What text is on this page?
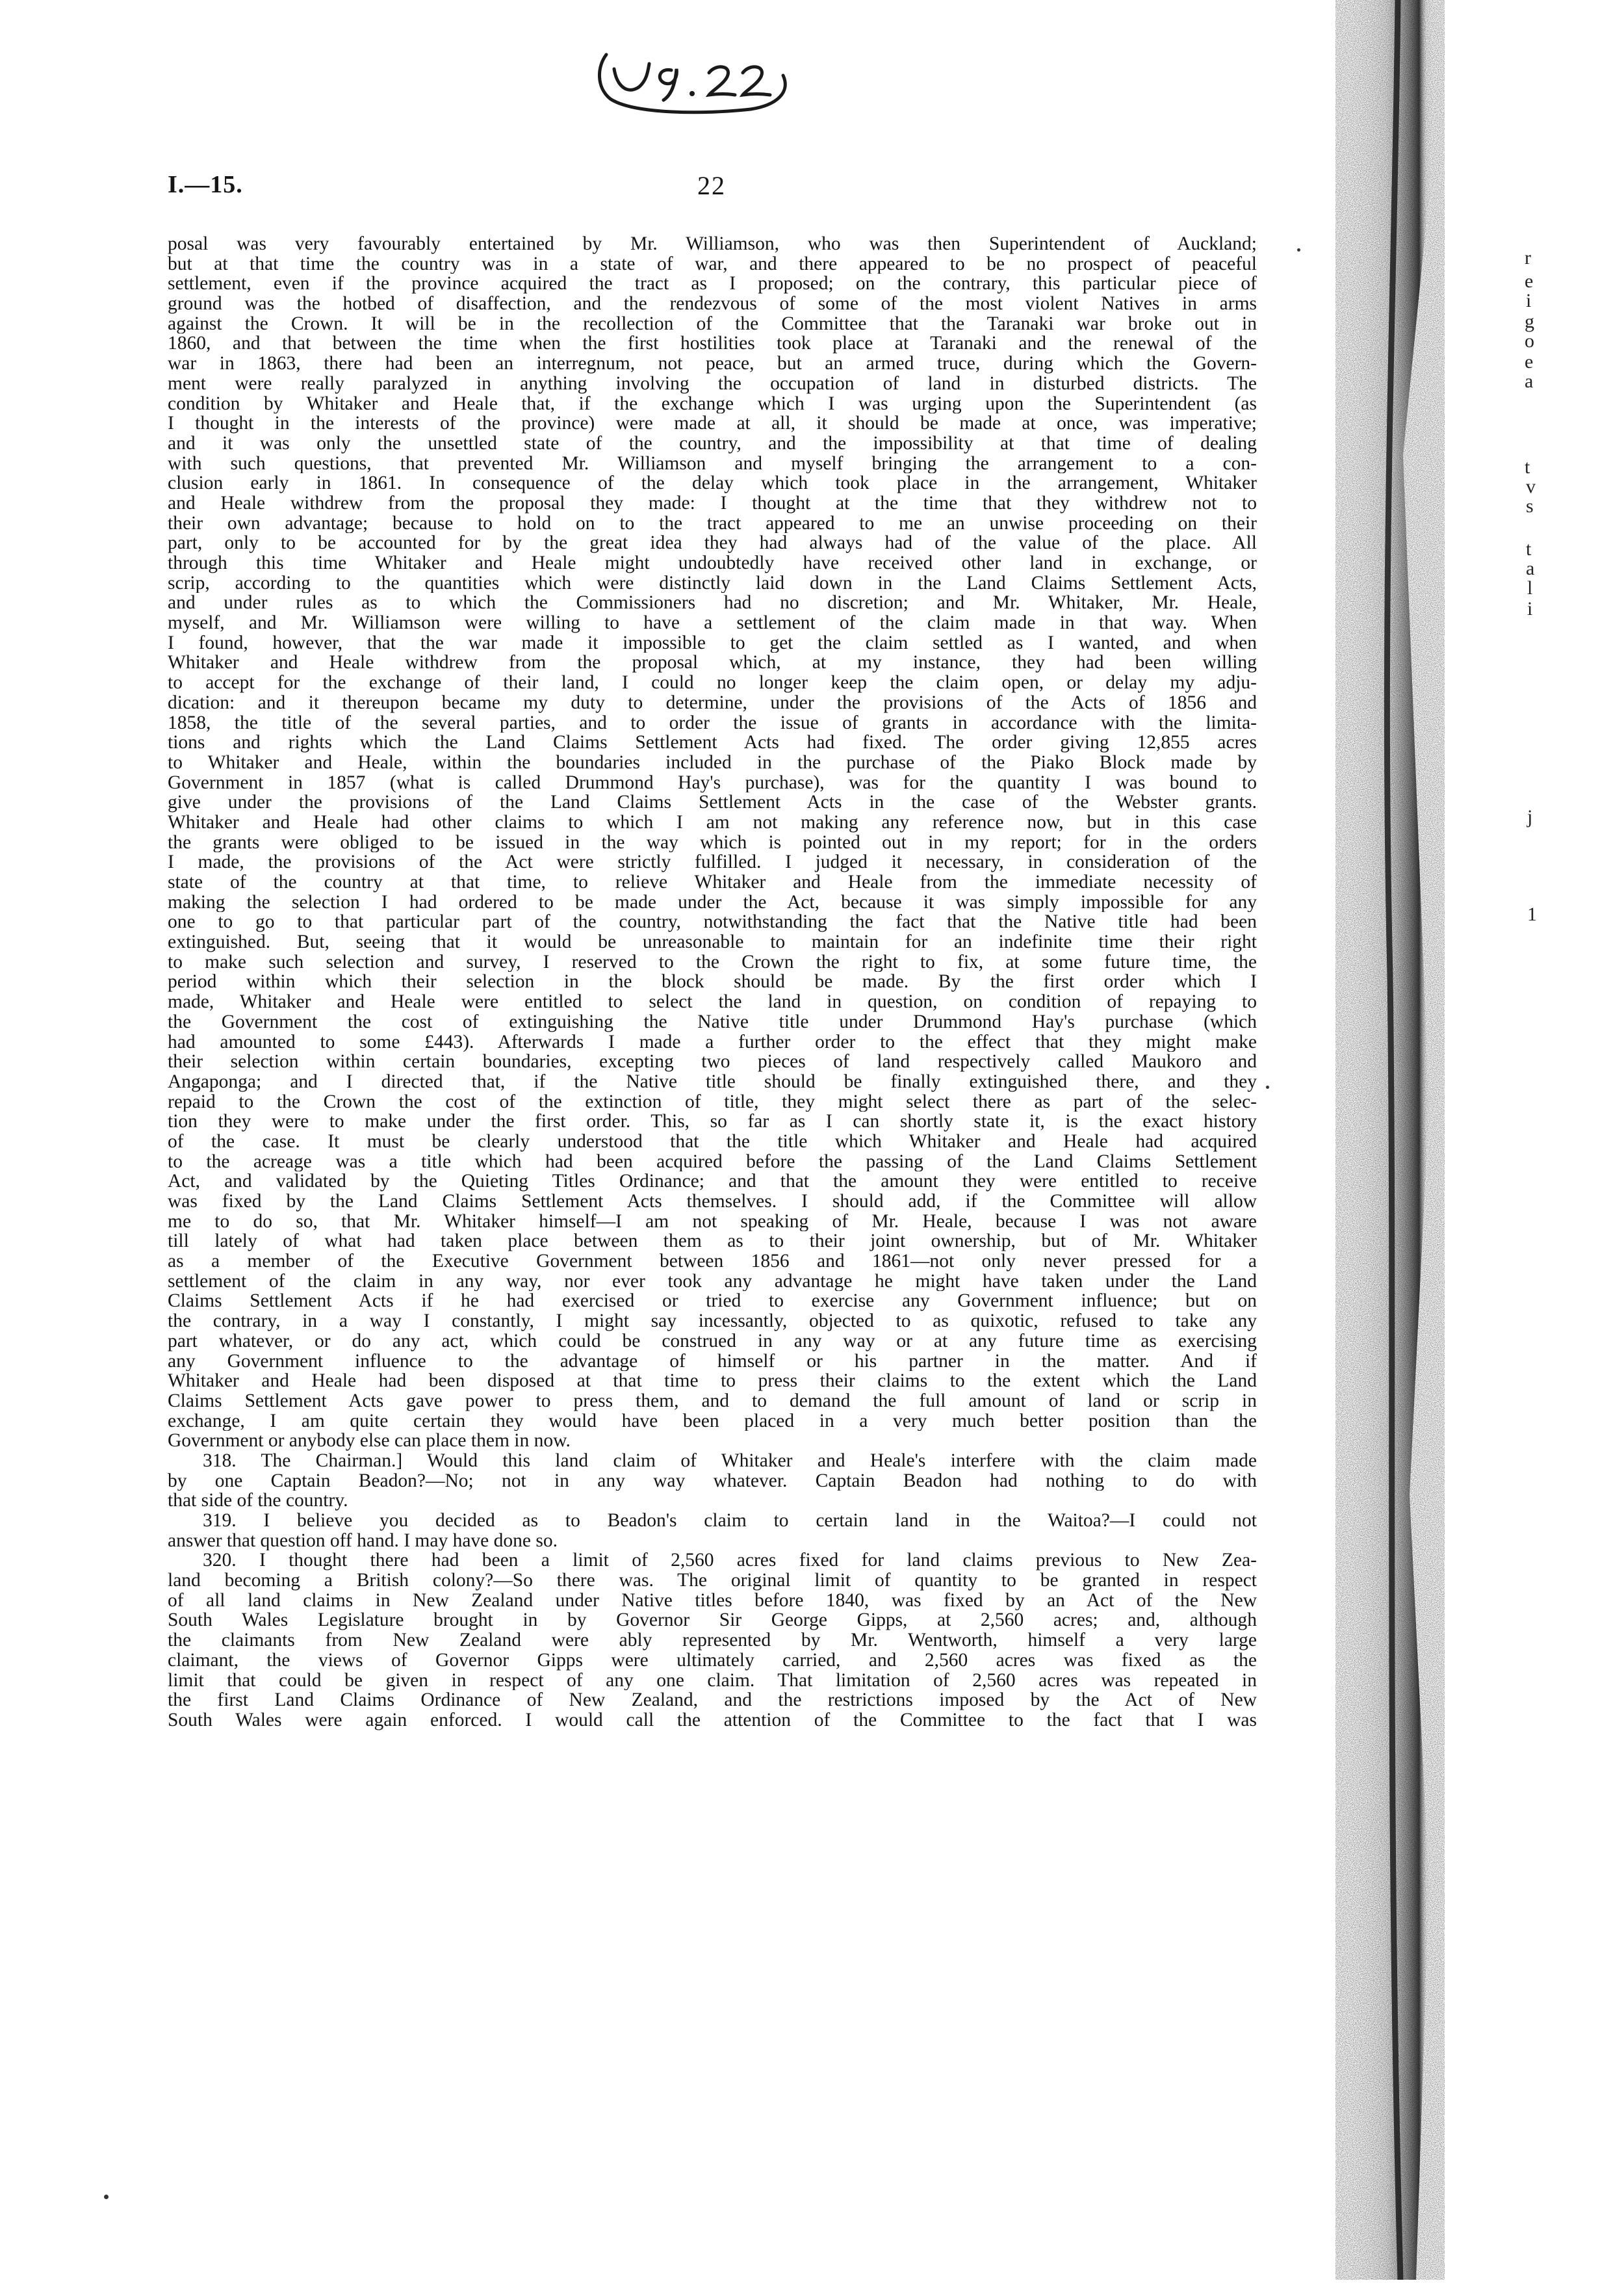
I.—15.	22
posal was very favourably entertained by Mr. Williamson, who was then Superintendent of Auckland;
but at that time the country was in a state of war, and there appeared to be no prospect of peaceful
settlement, even if the province acquired the tract as I proposed; on the contrary, this particular piece of
ground was the hotbed of disaffection, and the rendezvous of some of the most violent Natives in arms
against the Crown. It will be in the recollection of the Committee that the Taranaki war broke out in
1860, and that between the time when the first hostilities took place at Taranaki and the renewal of the
war in 1863, there had been an interregnum, not peace, but an armed truce, during which the Govern-
ment were really paralyzed in anything involving the occupation of land in disturbed districts. The
condition by Whitaker and Heale that, if the exchange which I was urging upon the Superintendent (as
I thought in the interests of the province) were made at all, it should be made at once, was imperative;
and it was only the unsettled state of the country, and the impossibility at that time of dealing
with such questions, that prevented Mr. Williamson and myself bringing the arrangement to a con-
clusion early in 1861. In consequence of the delay which took place in the arrangement, Whitaker
and Heale withdrew from the proposal they made: I thought at the time that they withdrew not to
their own advantage; because to hold on to the tract appeared to me an unwise proceeding on their
part, only to be accounted for by the great idea they had always had of the value of the place. All
through this time Whitaker and Heale might undoubtedly have received other land in exchange, or
scrip, according to the quantities which were distinctly laid down in the Land Claims Settlement Acts,
and under rules as to which the Commissioners had no discretion; and Mr. Whitaker, Mr. Heale,
myself, and Mr. Williamson were willing to have a settlement of the claim made in that way. When
I found, however, that the war made it impossible to get the claim settled as I wanted, and when
Whitaker and Heale withdrew from the proposal which, at my instance, they had been willing
to accept for the exchange of their land, I could no longer keep the claim open, or delay my adju-
dication: and it thereupon became my duty to determine, under the provisions of the Acts of 1856 and
1858, the title of the several parties, and to order the issue of grants in accordance with the limita-
tions and rights which the Land Claims Settlement Acts had fixed. The order giving 12,855 acres
to Whitaker and Heale, within the boundaries included in the purchase of the Piako Block made by
Government in 1857 (what is called Drummond Hay's purchase), was for the quantity I was bound to
give under the provisions of the Land Claims Settlement Acts in the case of the Webster grants.
Whitaker and Heale had other claims to which I am not making any reference now, but in this case
the grants were obliged to be issued in the way which is pointed out in my report; for in the orders
I made, the provisions of the Act were strictly fulfilled. I judged it necessary, in consideration of the
state of the country at that time, to relieve Whitaker and Heale from the immediate necessity of
making the selection I had ordered to be made under the Act, because it was simply impossible for any
one to go to that particular part of the country, notwithstanding the fact that the Native title had been
extinguished. But, seeing that it would be unreasonable to maintain for an indefinite time their right
to make such selection and survey, I reserved to the Crown the right to fix, at some future time, the
period within which their selection in the block should be made. By the first order which I
made, Whitaker and Heale were entitled to select the land in question, on condition of repaying to
the Government the cost of extinguishing the Native title under Drummond Hay's purchase (which
had amounted to some £443). Afterwards I made a further order to the effect that they might make
their selection within certain boundaries, excepting two pieces of land respectively called Maukoro and
Angaponga; and I directed that, if the Native title should be finally extinguished there, and they
repaid to the Crown the cost of the extinction of title, they might select there as part of the selec-
tion they were to make under the first order. This, so far as I can shortly state it, is the exact history
of the case. It must be clearly understood that the title which Whitaker and Heale had acquired
to the acreage was a title which had been acquired before the passing of the Land Claims Settlement
Act, and validated by the Quieting Titles Ordinance; and that the amount they were entitled to receive
was fixed by the Land Claims Settlement Acts themselves. I should add, if the Committee will allow
me to do so, that Mr. Whitaker himself—I am not speaking of Mr. Heale, because I was not aware
till lately of what had taken place between them as to their joint ownership, but of Mr. Whitaker
as a member of the Executive Government between 1856 and 1861—not only never pressed for a
settlement of the claim in any way, nor ever took any advantage he might have taken under the Land
Claims Settlement Acts if he had exercised or tried to exercise any Government influence; but on
the contrary, in a way I constantly, I might say incessantly, objected to as quixotic, refused to take any
part whatever, or do any act, which could be construed in any way or at any future time as exercising
any Government influence to the advantage of himself or his partner in the matter. And if
Whitaker and Heale had been disposed at that time to press their claims to the extent which the Land
Claims Settlement Acts gave power to press them, and to demand the full amount of land or scrip in
exchange, I am quite certain they would have been placed in a very much better position than the
Government or anybody else can place them in now.
318. The Chairman.] Would this land claim of Whitaker and Heale's interfere with the claim made
by one Captain Beadon?—No; not in any way whatever. Captain Beadon had nothing to do with
that side of the country.
319. I believe you decided as to Beadon's claim to certain land in the Waitoa?—I could not
answer that question off hand. I may have done so.
320. I thought there had been a limit of 2,560 acres fixed for land claims previous to New Zea-
land becoming a British colony?—So there was. The original limit of quantity to be granted in respect
of all land claims in New Zealand under Native titles before 1840, was fixed by an Act of the New
South Wales Legislature brought in by Governor Sir George Gipps, at 2,560 acres; and, although
the claimants from New Zealand were ably represented by Mr. Wentworth, himself a very large
claimant, the views of Governor Gipps were ultimately carried, and 2,560 acres was fixed as the
limit that could be given in respect of any one claim. That limitation of 2,560 acres was repeated in
the first Land Claims Ordinance of New Zealand, and the restrictions imposed by the Act of New
South Wales were again enforced. I would call the attention of the Committee to the fact that I was
r
e
i
g
o
e
a
t
v
s
t
a
l
i
j
1
